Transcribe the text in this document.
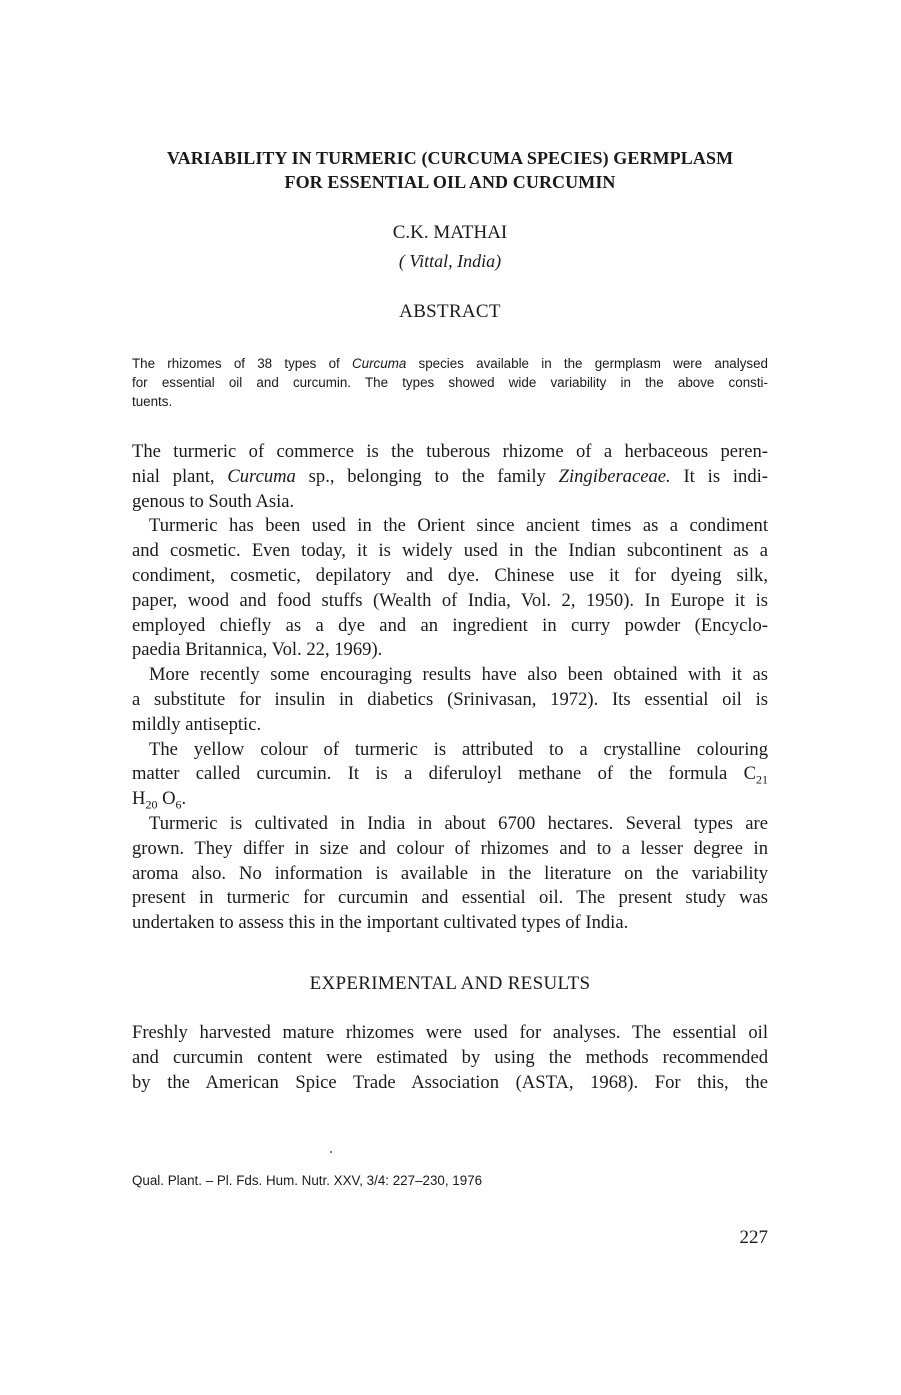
VARIABILITY IN TURMERIC (CURCUMA SPECIES) GERMPLASM
FOR ESSENTIAL OIL AND CURCUMIN
C.K. MATHAI
( Vittal, India)
ABSTRACT
The rhizomes of 38 types of Curcuma species available in the germplasm were analysed
for essential oil and curcumin. The types showed wide variability in the above consti-
tuents.
The turmeric of commerce is the tuberous rhizome of a herbaceous peren-
nial plant, Curcuma sp., belonging to the family Zingiberaceae. It is indi-
genous to South Asia.
Turmeric has been used in the Orient since ancient times as a condiment
and cosmetic. Even today, it is widely used in the Indian subcontinent as a
condiment, cosmetic, depilatory and dye. Chinese use it for dyeing silk,
paper, wood and food stuffs (Wealth of India, Vol. 2, 1950). In Europe it is
employed chiefly as a dye and an ingredient in curry powder (Encyclo-
paedia Britannica, Vol. 22, 1969).
More recently some encouraging results have also been obtained with it as
a substitute for insulin in diabetics (Srinivasan, 1972). Its essential oil is
mildly antiseptic.
The yellow colour of turmeric is attributed to a crystalline colouring
matter called curcumin. It is a diferuloyl methane of the formula $C_{21}$
$H_{20}$ $O_6$.
Turmeric is cultivated in India in about 6700 hectares. Several types are
grown. They differ in size and colour of rhizomes and to a lesser degree in
aroma also. No information is available in the literature on the variability
present in turmeric for curcumin and essential oil. The present study was
undertaken to assess this in the important cultivated types of India.
EXPERIMENTAL AND RESULTS
Freshly harvested mature rhizomes were used for analyses. The essential oil
and curcumin content were estimated by using the methods recommended
by the American Spice Trade Association (ASTA, 1968). For this, the
Qual. Plant. – Pl. Fds. Hum. Nutr. XXV, 3/4: 227–230, 1976
227
